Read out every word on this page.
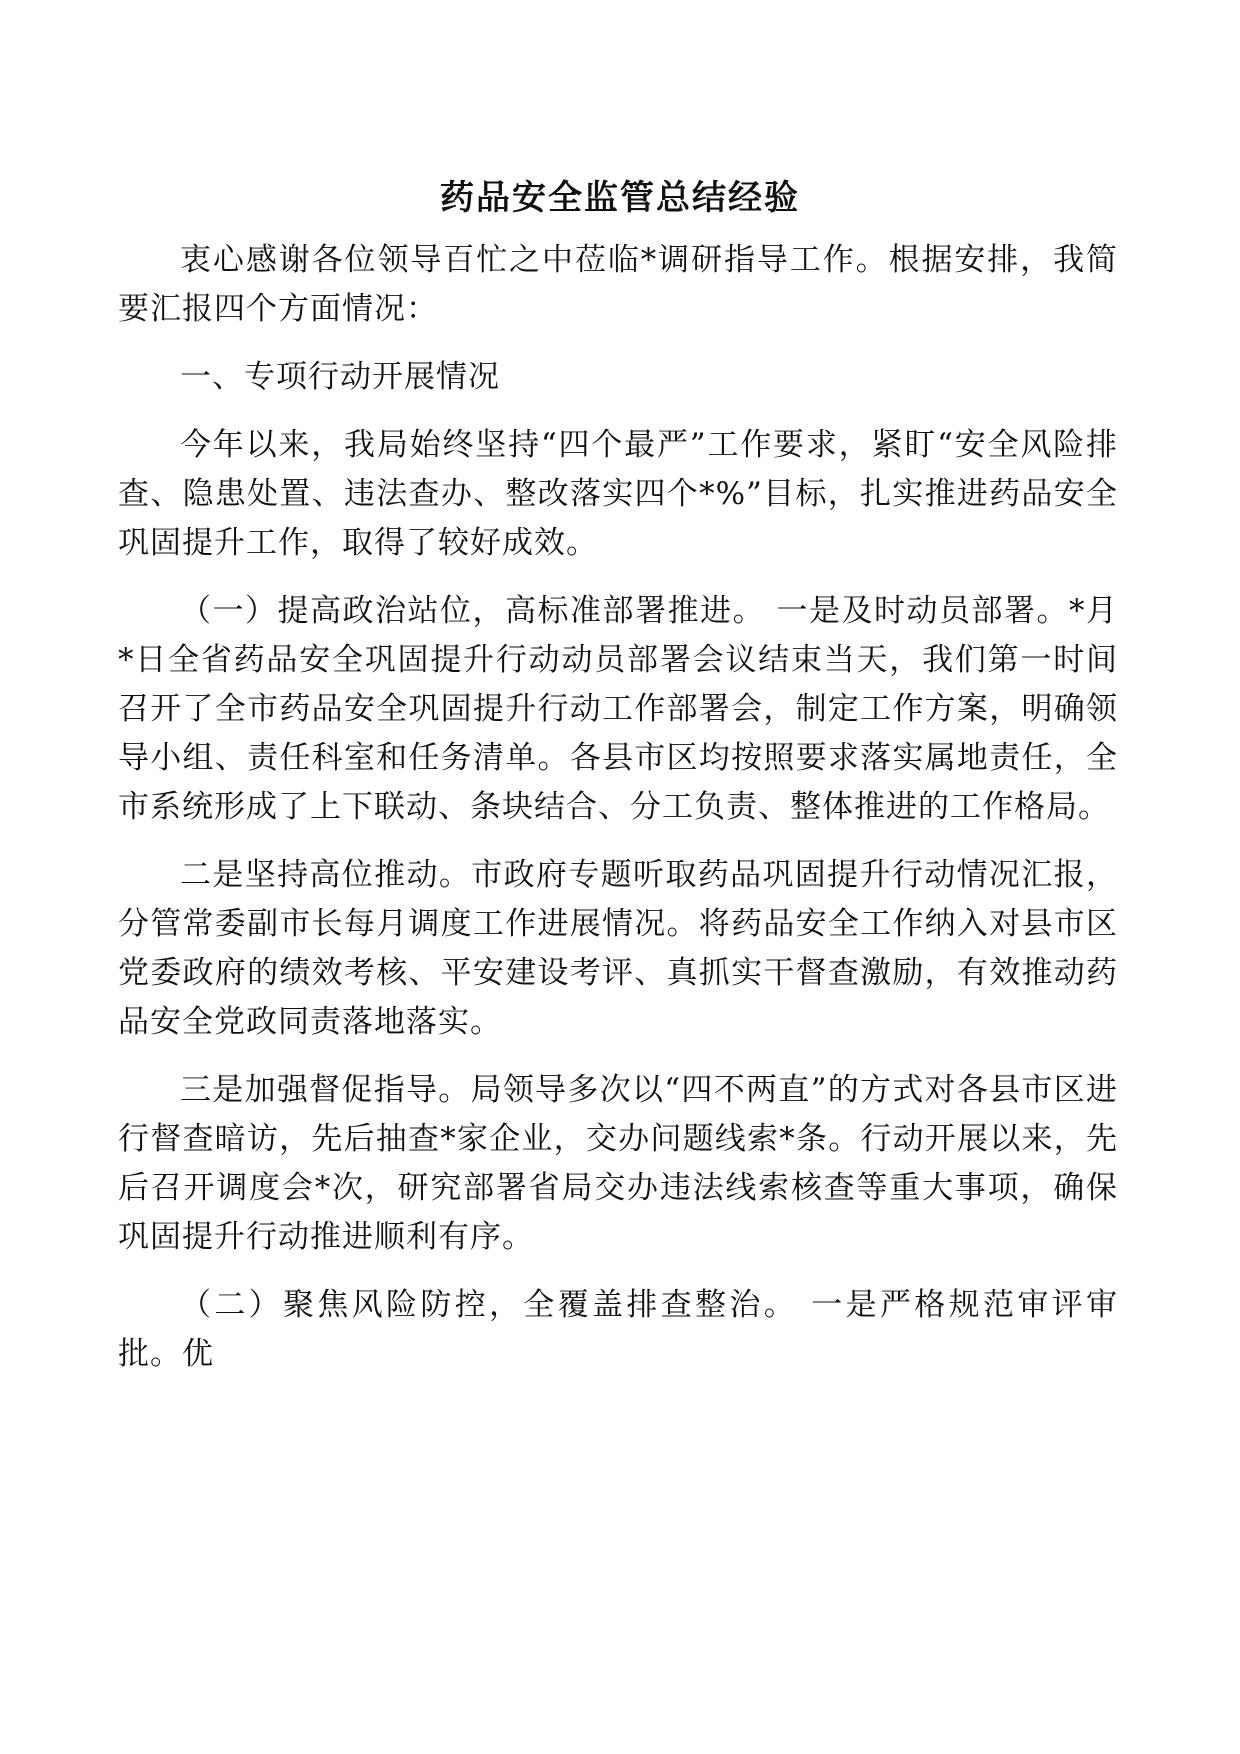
药品安全监管总结经验

衷心感谢各位领导百忙之中莅临*调研指导工作。根据安排，我简要汇报四个方面情况：

一、专项行动开展情况

今年以来，我局始终坚持“四个最严”工作要求，紧盯“安全风险排查、隐患处置、违法查办、整改落实四个*%”目标，扎实推进药品安全巩固提升工作，取得了较好成效。

（一）提高政治站位，高标准部署推进。 一是及时动员部署。*月*日全省药品安全巩固提升行动动员部署会议结束当天，我们第一时间召开了全市药品安全巩固提升行动工作部署会，制定工作方案，明确领导小组、责任科室和任务清单。各县市区均按照要求落实属地责任，全市系统形成了上下联动、条块结合、分工负责、整体推进的工作格局。

二是坚持高位推动。市政府专题听取药品巩固提升行动情况汇报，分管常委副市长每月调度工作进展情况。将药品安全工作纳入对县市区党委政府的绩效考核、平安建设考评、真抓实干督查激励，有效推动药品安全党政同责落地落实。

三是加强督促指导。局领导多次以“四不两直”的方式对各县市区进行督查暗访，先后抽查*家企业，交办问题线索*条。行动开展以来，先后召开调度会*次，研究部署省局交办违法线索核查等重大事项，确保巩固提升行动推进顺利有序。

（二）聚焦风险防控，全覆盖排查整治。 一是严格规范审评审批。优
